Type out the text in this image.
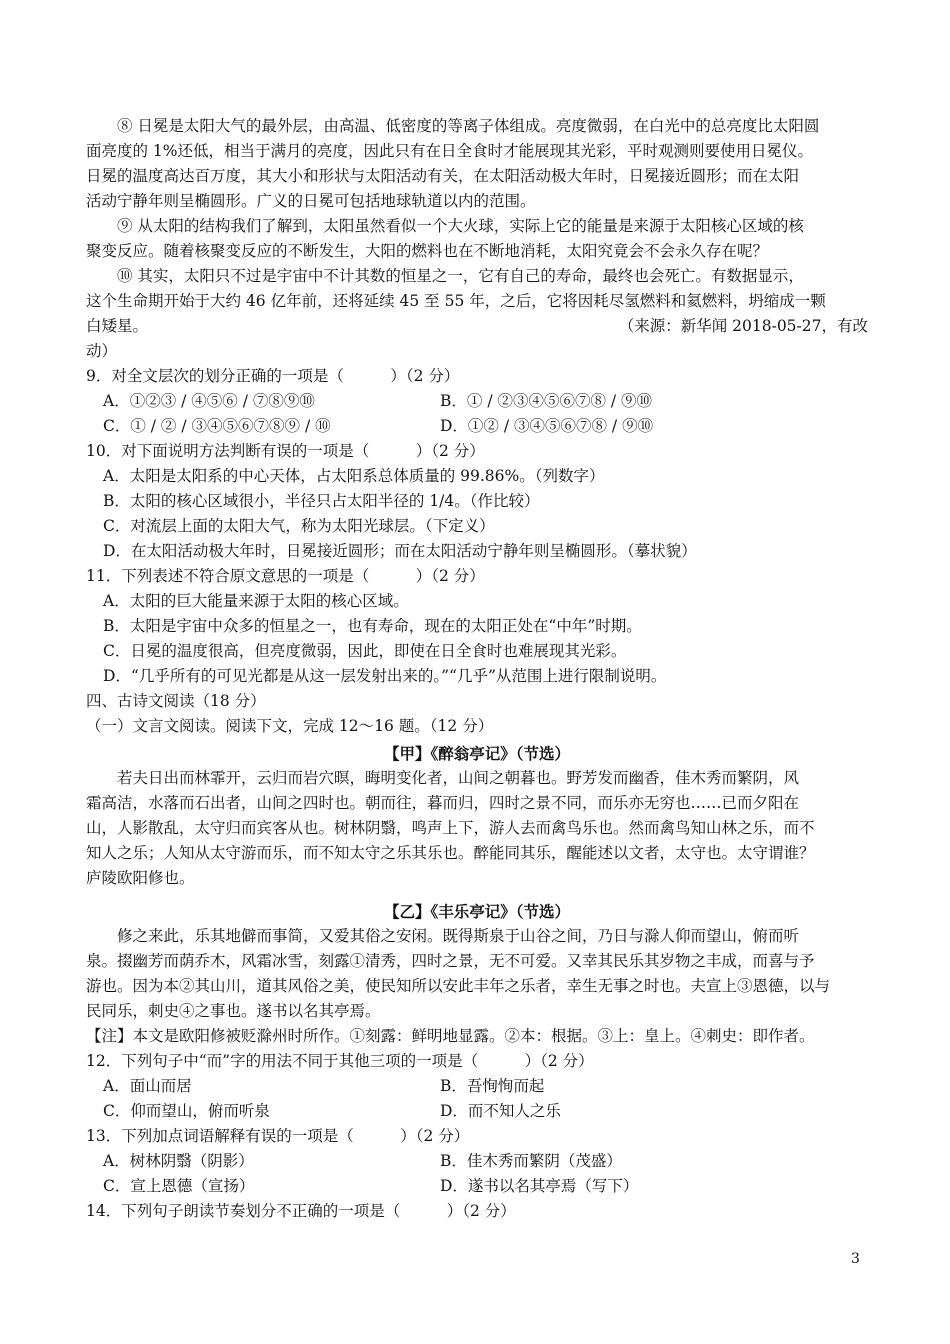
⑧ 日冕是太阳大气的最外层，由高温、低密度的等离子体组成。亮度微弱，在白光中的总亮度比太阳圆
面亮度的 1%还低，相当于满月的亮度，因此只有在日全食时才能展现其光彩，平时观测则要使用日冕仪。
日冕的温度高达百万度，其大小和形状与太阳活动有关，在太阳活动极大年时，日冕接近圆形；而在太阳
活动宁静年则呈椭圆形。广义的日冕可包括地球轨道以内的范围。
⑨ 从太阳的结构我们了解到，太阳虽然看似一个大火球，实际上它的能量是来源于太阳核心区域的核
聚变反应。随着核聚变反应的不断发生，大阳的燃料也在不断地消耗，太阳究竟会不会永久存在呢？
⑩ 其实，太阳只不过是宇宙中不计其数的恒星之一，它有自己的寿命，最终也会死亡。有数据显示，
这个生命期开始于大约 46 亿年前，还将延续 45 至 55 年，之后，它将因耗尽氢燃料和氦燃料，坍缩成一颗
白矮星。	（来源：新华闻 2018-05-27，有改
动）
9．对全文层次的划分正确的一项是（　　　）（2 分）
A．①②③ / ④⑤⑥ / ⑦⑧⑨⑩	B．① / ②③④⑤⑥⑦⑧ / ⑨⑩
C．① / ② / ③④⑤⑥⑦⑧⑨ / ⑩	D．①② / ③④⑤⑥⑦⑧ / ⑨⑩
10．对下面说明方法判断有误的一项是（　　　）（2 分）
A．太阳是太阳系的中心天体，占太阳系总体质量的 99.86%。（列数字）
B．太阳的核心区域很小，半径只占太阳半径的 1/4。（作比较）
C．对流层上面的太阳大气，称为太阳光球层。（下定义）
D．在太阳活动极大年时，日冕接近圆形；而在太阳活动宁静年则呈椭圆形。（摹状貌）
11．下列表述不符合原文意思的一项是（　　　）（2 分）
A．太阳的巨大能量来源于太阳的核心区域。
B．太阳是宇宙中众多的恒星之一，也有寿命，现在的太阳正处在“中年”时期。
C．日冕的温度很高，但亮度微弱，因此，即使在日全食时也难展现其光彩。
D．“几乎所有的可见光都是从这一层发射出来的。”“几乎”从范围上进行限制说明。
四、古诗文阅读（18 分）
（一）文言文阅读。阅读下文，完成 12～16 题。（12 分）
【甲】《醉翁亭记》（节选）
若夫日出而林霏开，云归而岩穴暝，晦明变化者，山间之朝暮也。野芳发而幽香，佳木秀而繁阴，风
霜高洁，水落而石出者，山间之四时也。朝而往，暮而归，四时之景不同，而乐亦无穷也……已而夕阳在
山，人影散乱，太守归而宾客从也。树林阴翳，鸣声上下，游人去而禽鸟乐也。然而禽鸟知山林之乐，而不
知人之乐；人知从太守游而乐，而不知太守之乐其乐也。醉能同其乐，醒能述以文者，太守也。太守谓谁？
庐陵欧阳修也。
【乙】《丰乐亭记》（节选）
修之来此，乐其地僻而事简，又爱其俗之安闲。既得斯泉于山谷之间，乃日与滁人仰而望山，俯而听
泉。掇幽芳而荫乔木，风霜冰雪，刻露①清秀，四时之景，无不可爱。又幸其民乐其岁物之丰成，而喜与予
游也。因为本②其山川，道其风俗之美，使民知所以安此丰年之乐者，幸生无事之时也。夫宣上③恩德，以与
民同乐，刺史④之事也。遂书以名其亭焉。
【注】本文是欧阳修被贬滁州时所作。①刻露：鲜明地显露。②本：根据。③上：皇上。④刺史：即作者。
12．下列句子中“而”字的用法不同于其他三项的一项是（　　　）（2 分）
A．面山而居	B．吾恂恂而起
C．仰而望山，俯而听泉	D．而不知人之乐
13．下列加点词语解释有误的一项是（　　　）（2 分）
A．树林阴翳（阴影）	B．佳木秀而繁阴（茂盛）
C．宣上恩德（宣扬）	D．遂书以名其亭焉（写下）
14．下列句子朗读节奏划分不正确的一项是（　　　）（2 分）
3
